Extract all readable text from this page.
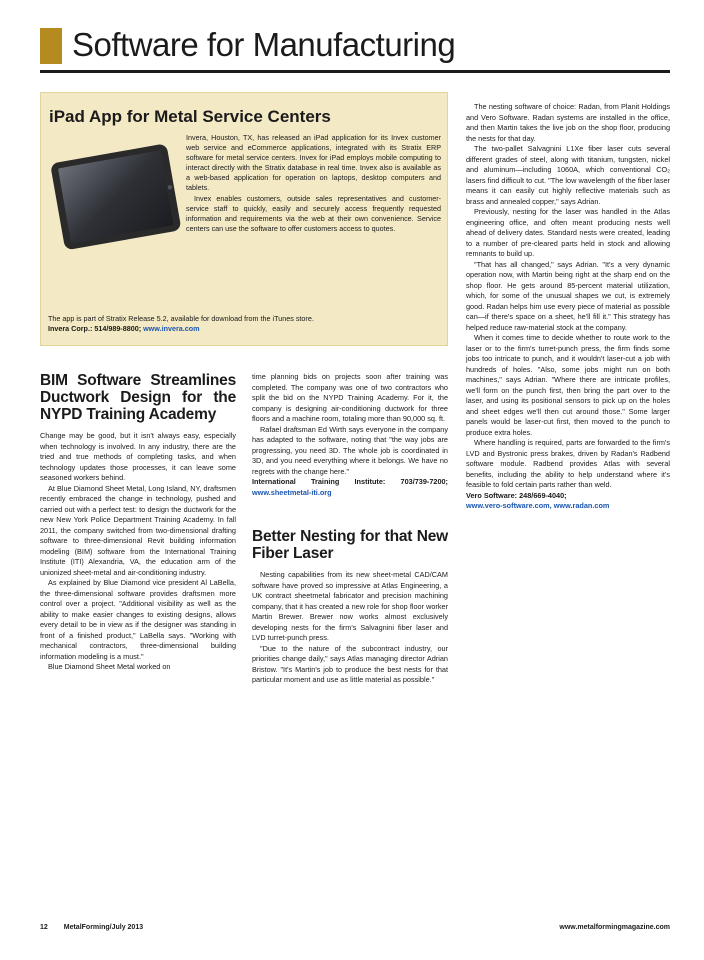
Software for Manufacturing
iPad App for Metal Service Centers

Invera, Houston, TX, has released an iPad application for its Invex customer web service and eCommerce applications, integrated with its Stratix ERP software for metal service centers. Invex for iPad employs mobile computing to interact directly with the Stratix database in real time. Invex also is available as a web-based application for operation on laptops, desktop computers and tablets.

Invex enables customers, outside sales representatives and customer-service staff to quickly, easily and securely access frequently requested information and requirements via the web at their own convenience. Service centers can use the software to offer customers access to quotes.

The app is part of Stratix Release 5.2, available for download from the iTunes store.
Invera Corp.: 514/989-8800; www.invera.com
BIM Software Streamlines Ductwork Design for the NYPD Training Academy

Change may be good, but it isn't always easy, especially when technology is involved. In any industry, there are the tried and true methods of completing tasks, and when technology updates those processes, it can leave some seasoned workers behind.

At Blue Diamond Sheet Metal, Long Island, NY, draftsmen recently embraced the change in technology, pushed and carried out with a perfect test: to design the ductwork for the new New York Police Department Training Academy. In fall 2011, the company switched from two-dimensional drafting software to three-dimensional Revit building information modeling (BIM) software from the International Training Institute (ITI) Alexandria, VA, the education arm of the unionized sheet-metal and air-conditioning industry.

As explained by Blue Diamond vice president Al LaBella, the three-dimensional software provides draftsmen more control over a project. "Additional visibility as well as the ability to make easier changes to existing designs, allows every detail to be in view as if the designer was standing in front of a finished product," LaBella says. "Working with mechanical contractors, three-dimensional building information modeling is a must."

Blue Diamond Sheet Metal worked on

time planning bids on projects soon after training was completed. The company was one of two contractors who split the bid on the NYPD Training Academy. For it, the company is designing air-conditioning ductwork for three floors and a machine room, totaling more than 90,000 sq. ft.

Rafael draftsman Ed Wirth says everyone in the company has adapted to the software, noting that "the way jobs are progressing, you need 3D. The whole job is coordinated in 3D, and you need everything where it belongs. We have no regrets with the change here."

International Training Institute: 703/739-7200; www.sheetmetal-iti.org

Better Nesting for that New Fiber Laser

Nesting capabilities from its new sheet-metal CAD/CAM software have proved so impressive at Atlas Engineering, a UK contract sheetmetal fabricator and precision machining company, that it has created a new role for shop floor worker Martin Brewer. Brewer now works almost exclusively developing nests for the firm's Salvagnini fiber laser and LVD turret-punch press.

"Due to the nature of the subcontract industry, our priorities change daily," says Atlas managing director Adrian Bristow. "It's Martin's job to produce the best nests for that particular moment and use as little material as possible."

The nesting software of choice: Radan, from Planit Holdings and Vero Software. Radan systems are installed in the office, and then Martin takes the live job on the shop floor, producing the nests for that day.

The two-pallet Salvagnini L1Xe fiber laser cuts several different grades of steel, along with titanium, tungsten, nickel and aluminum—including 1060A, which conventional CO₂ lasers find difficult to cut. "The low wavelength of the fiber laser means it can easily cut highly reflective materials such as brass and annealed copper," says Adrian.

Previously, nesting for the laser was handled in the Atlas engineering office, and often meant producing nests well ahead of delivery dates. Standard nests were created, leading to a number of pre-cleared parts held in stock and allowing remnants to build up.

"That has all changed," says Adrian. "It's a very dynamic operation now, with Martin being right at the sharp end on the shop floor. He gets around 85-percent material utilization, which, for some of the unusual shapes we cut, is extremely good. Radan helps him use every piece of material as possible can—if there's space on a sheet, he'll fill it." This strategy has helped reduce raw-material stock at the company.

When it comes time to decide whether to route work to the laser or to the firm's turret-punch press, the firm finds some jobs too intricate to punch, and it wouldn't laser-cut a job with hundreds of holes. "Also, some jobs might run on both machines," says Adrian. "Where there are intricate profiles, we'll form on the punch first, then bring the part over to the laser, and using its positional sensors to pick up on the holes and sheet edges we'll then cut around those." Some larger panels would be laser-cut first, then moved to the punch to produce extra holes.

Where handling is required, parts are forwarded to the firm's LVD and Bystronic press brakes, driven by Radan's Radbend software module. Radbend provides Atlas with several benefits, including the ability to help understand where it's feasible to fold certain parts rather than weld.

Vero Software: 248/669-4040;
www.vero-software.com, www.radan.com

12 MetalForming/July 2013	www.metalformingmagazine.com
